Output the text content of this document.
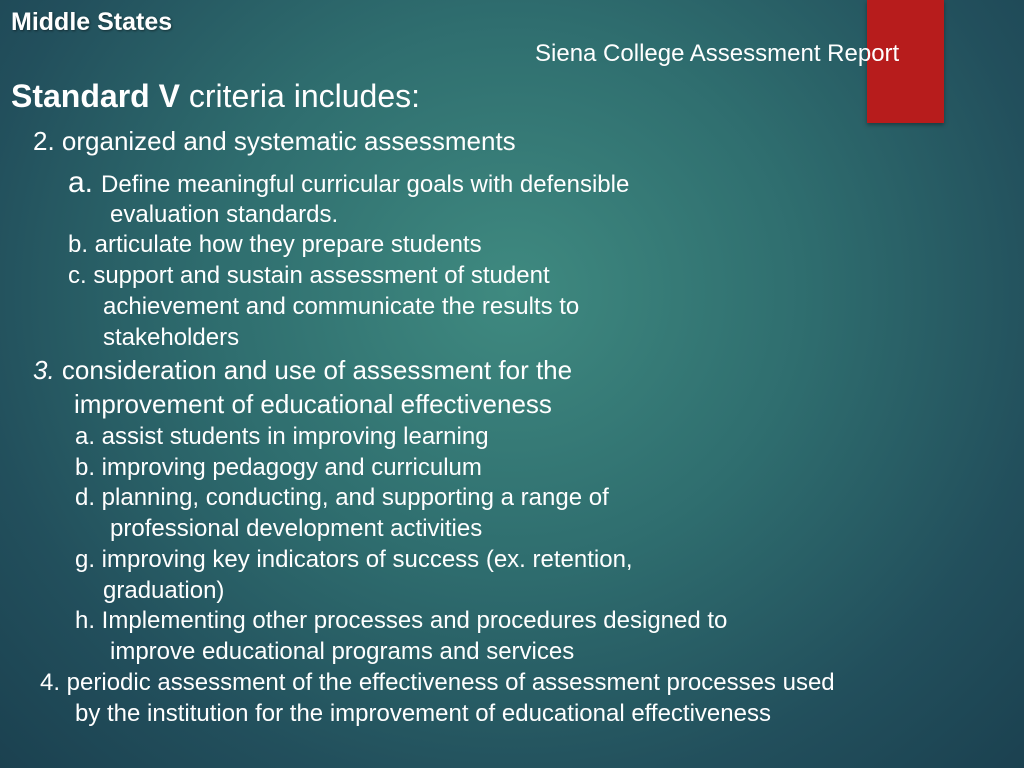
Middle States
Siena College Assessment Report
Standard V criteria includes:
2. organized and systematic assessments
a. Define meaningful curricular goals with defensible
evaluation standards.
b. articulate how they prepare students
c. support and sustain assessment of student
achievement and communicate the results to
stakeholders
3. consideration and use of assessment for the
improvement of educational effectiveness
a. assist students in improving learning
b. improving pedagogy and curriculum
d. planning, conducting, and supporting a range of
professional development activities
g. improving key indicators of success (ex. retention,
graduation)
h. Implementing other processes and procedures designed to
improve educational programs and services
4. periodic assessment of the effectiveness of assessment processes used
by the institution for the improvement of educational effectiveness
